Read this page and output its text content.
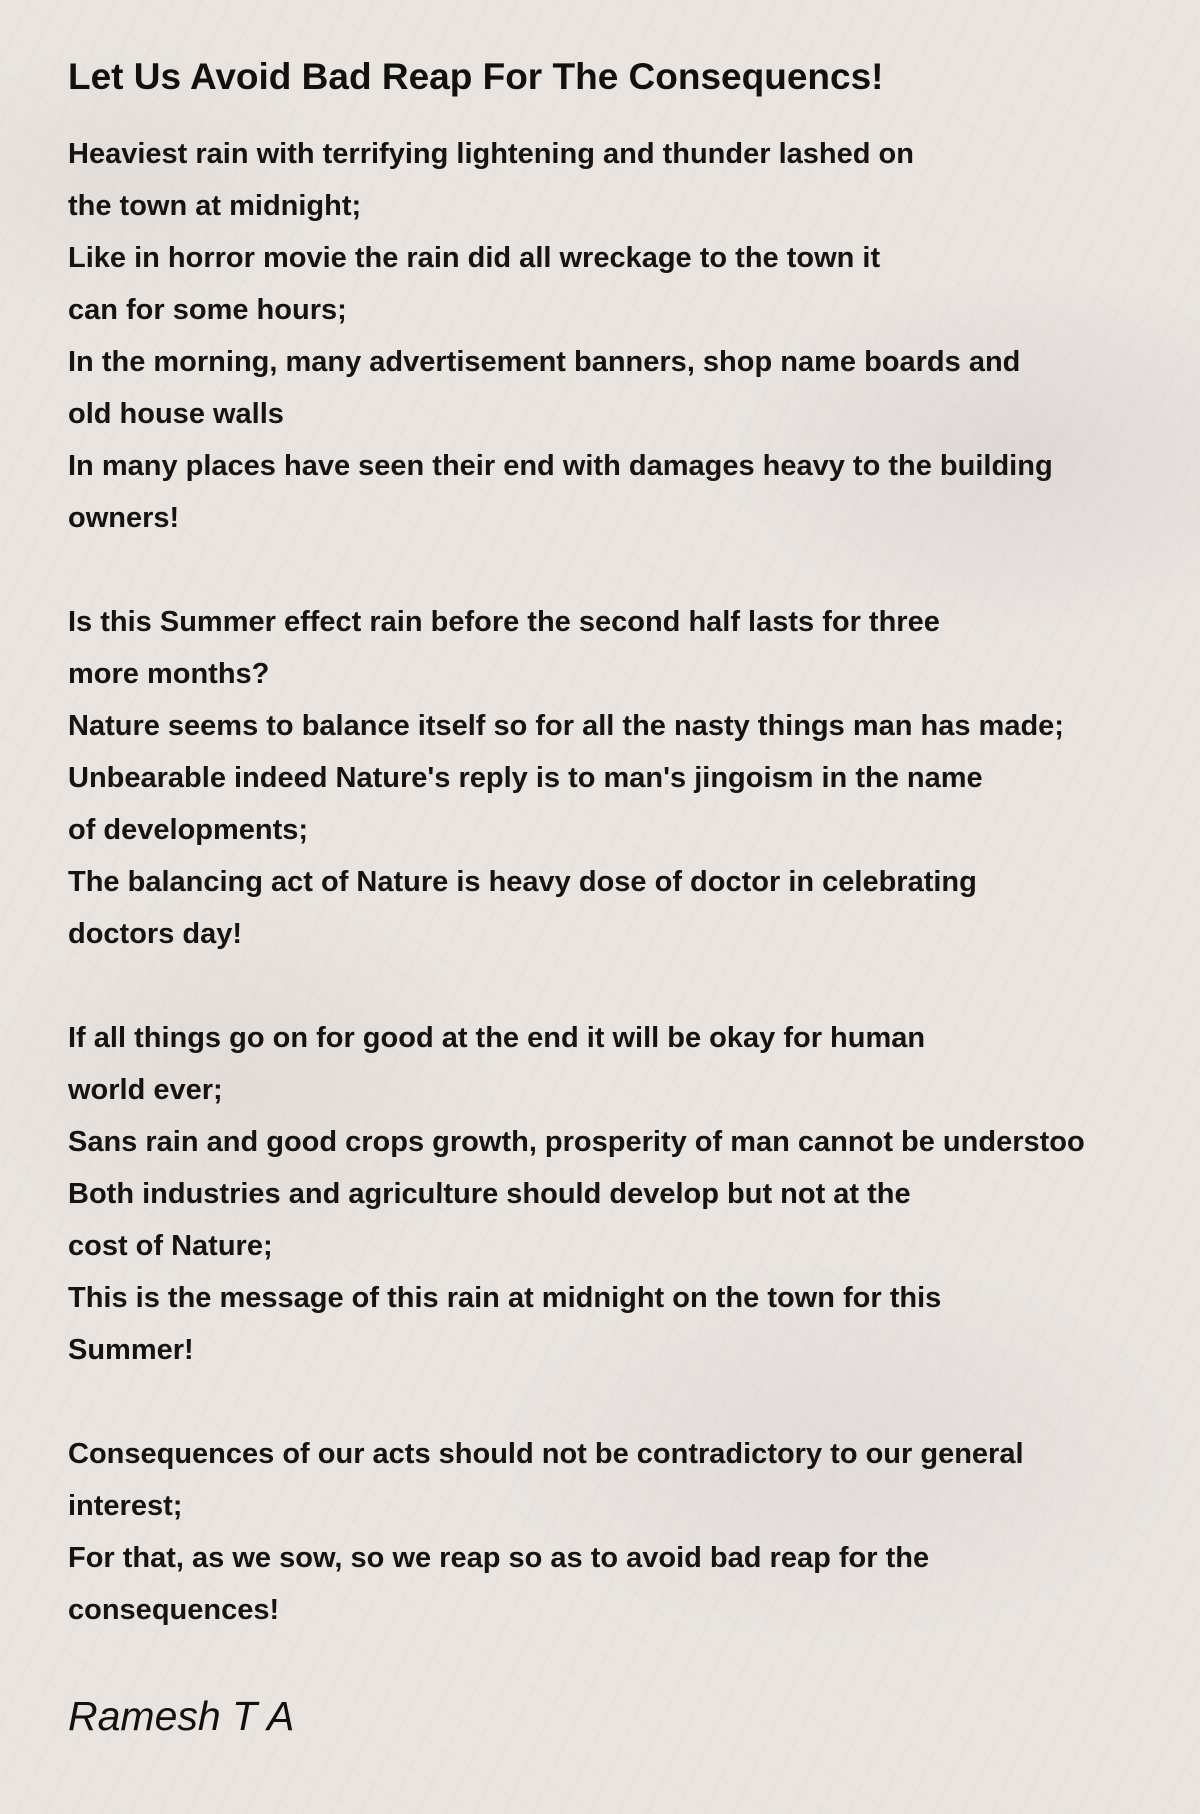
Let Us Avoid Bad Reap For The Consequencs!
Heaviest rain with terrifying lightening and thunder lashed on
the town at midnight;
Like in horror movie the rain did all wreckage to the town it
can for some hours;
In the morning, many advertisement banners, shop name boards and
old house walls
In many places have seen their end with damages heavy to the building
owners!
Is this Summer effect rain before the second half lasts for three
more months?
Nature seems to balance itself so for all the nasty things man has made;
Unbearable indeed Nature's reply is to man's jingoism in the name
of developments;
The balancing act of Nature is heavy dose of doctor in celebrating
doctors day!
If all things go on for good at the end it will be okay for human
world ever;
Sans rain and good crops growth, prosperity of man cannot be understoo
Both industries and agriculture should develop but not at the
cost of Nature;
This is the message of this rain at midnight on the town for this
Summer!
Consequences of our acts should not be contradictory to our general
interest;
For that, as we sow, so we reap so as to avoid bad reap for the
consequences!
Ramesh T A
